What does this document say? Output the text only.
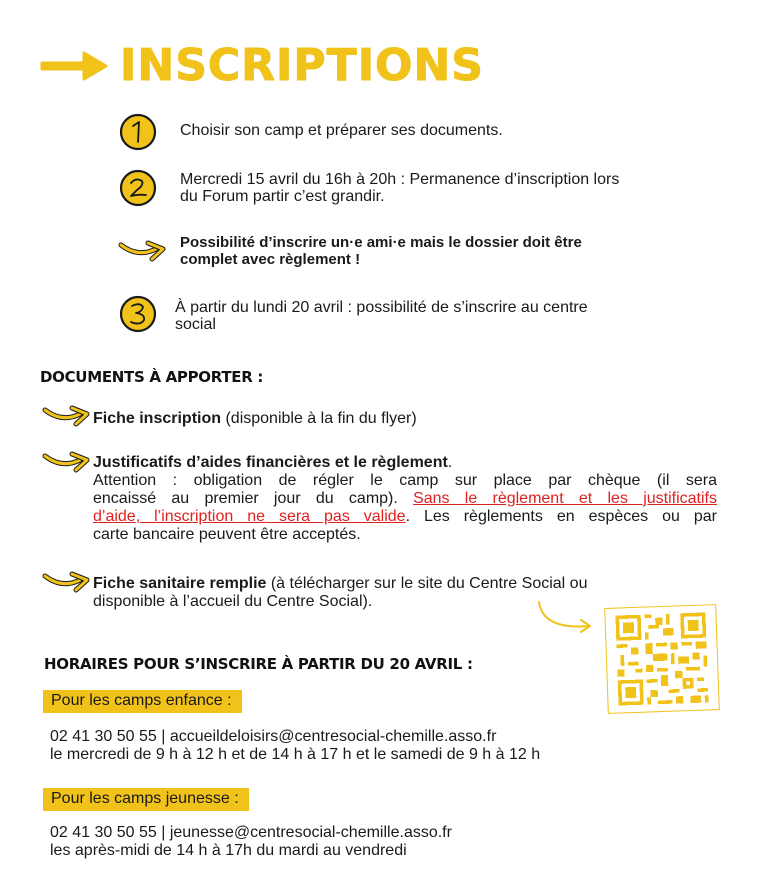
INSCRIPTIONS
Choisir son camp et préparer ses documents.
Mercredi 15 avril du 16h à 20h : Permanence d’inscription lors
du Forum partir c’est grandir.
Possibilité d’inscrire un·e ami·e mais le dossier doit être
complet avec règlement !
À partir du lundi 20 avril : possibilité de s’inscrire au centre
social
DOCUMENTS À APPORTER :
Fiche inscription (disponible à la fin du flyer)
Justificatifs d’aides financières et le règlement.
Attention : obligation de régler le camp sur place par chèque (il sera
encaissé au premier jour du camp). Sans le règlement et les justificatifs
d’aide, l’inscription ne sera pas valide. Les règlements en espèces ou par
carte bancaire peuvent être acceptés.
Fiche sanitaire remplie (à télécharger sur le site du Centre Social ou
disponible à l’accueil du Centre Social).
HORAIRES POUR S’INSCRIRE À PARTIR DU 20 AVRIL :
Pour les camps enfance :
02 41 30 50 55 | accueildeloisirs@centresocial-chemille.asso.fr
le mercredi de 9 h à 12 h et de 14 h à 17 h et le samedi de 9 h à 12 h
Pour les camps jeunesse :
02 41 30 50 55 | jeunesse@centresocial-chemille.asso.fr
les après-midi de 14 h à 17h du mardi au vendredi
